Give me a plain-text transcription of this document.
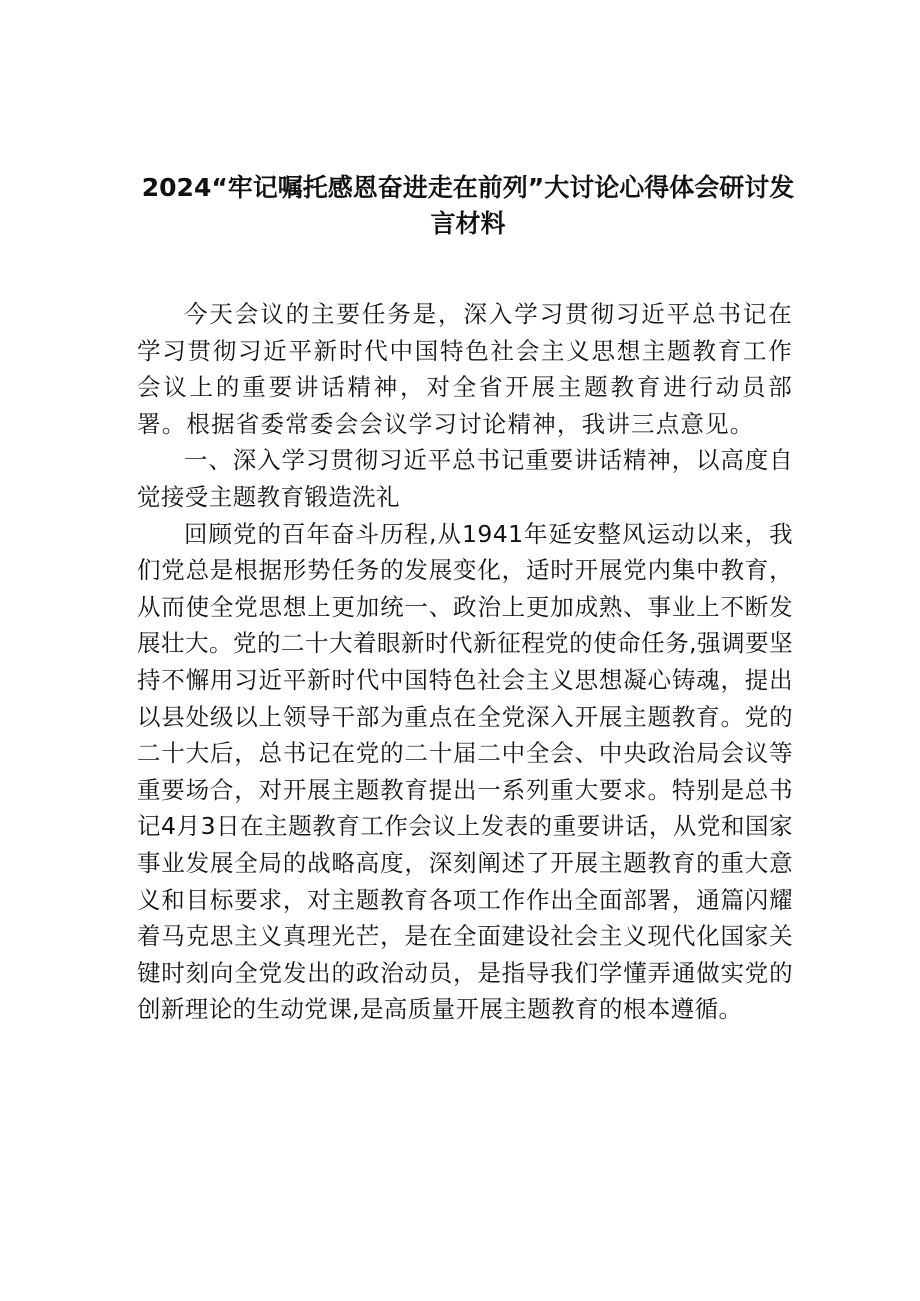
2024“牢记嘱托感恩奋进走在前列”大讨论心得体会研讨发言材料

今天会议的主要任务是，深入学习贯彻习近平总书记在学习贯彻习近平新时代中国特色社会主义思想主题教育工作会议上的重要讲话精神，对全省开展主题教育进行动员部署。根据省委常委会会议学习讨论精神，我讲三点意见。

一、深入学习贯彻习近平总书记重要讲话精神，以高度自觉接受主题教育锻造洗礼

回顾党的百年奋斗历程,从1941年延安整风运动以来，我们党总是根据形势任务的发展变化，适时开展党内集中教育，从而使全党思想上更加统一、政治上更加成熟、事业上不断发展壮大。党的二十大着眼新时代新征程党的使命任务,强调要坚持不懈用习近平新时代中国特色社会主义思想凝心铸魂，提出以县处级以上领导干部为重点在全党深入开展主题教育。党的二十大后，总书记在党的二十届二中全会、中央政治局会议等重要场合，对开展主题教育提出一系列重大要求。特别是总书记4月3日在主题教育工作会议上发表的重要讲话，从党和国家事业发展全局的战略高度，深刻阐述了开展主题教育的重大意义和目标要求，对主题教育各项工作作出全面部署，通篇闪耀着马克思主义真理光芒，是在全面建设社会主义现代化国家关键时刻向全党发出的政治动员，是指导我们学懂弄通做实党的创新理论的生动党课,是高质量开展主题教育的根本遵循。
